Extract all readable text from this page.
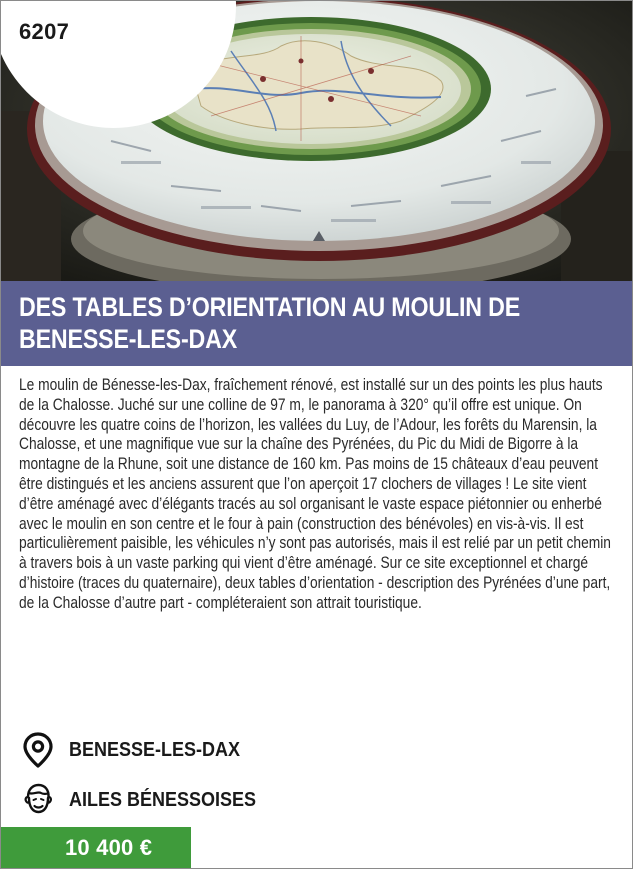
6207
DES TABLES D’ORIENTATION AU MOULIN DE BENESSE-LES-DAX

Le moulin de Bénesse-les-Dax, fraîchement rénové, est installé sur un des points les plus hauts de la Chalosse. Juché sur une colline de 97 m, le panorama à 320° qu’il offre est unique. On découvre les quatre coins de l’horizon, les vallées du Luy, de l’Adour, les forêts du Marensin, la Chalosse, et une magnifique vue sur la chaîne des Pyrénées, du Pic du Midi de Bigorre à la montagne de la Rhune, soit une distance de 160 km. Pas moins de 15 châteaux d’eau peuvent être distingués et les anciens assurent que l’on aperçoit 17 clochers de villages ! Le site vient d’être aménagé avec d’élégants tracés au sol organisant le vaste espace piétonnier ou enherbé avec le moulin en son centre et le four à pain (construction des bénévoles) en vis-à-vis. Il est particulièrement paisible, les véhicules n’y sont pas autorisés, mais il est relié par un petit chemin à travers bois à un vaste parking qui vient d’être aménagé. Sur ce site exceptionnel et chargé d’histoire (traces du quaternaire), deux tables d’orientation - description des Pyrénées d’une part, de la Chalosse d’autre part - compléteraient son attrait touristique.

BENESSE-LES-DAX
AILES BÉNESSOISES
10 400 €
